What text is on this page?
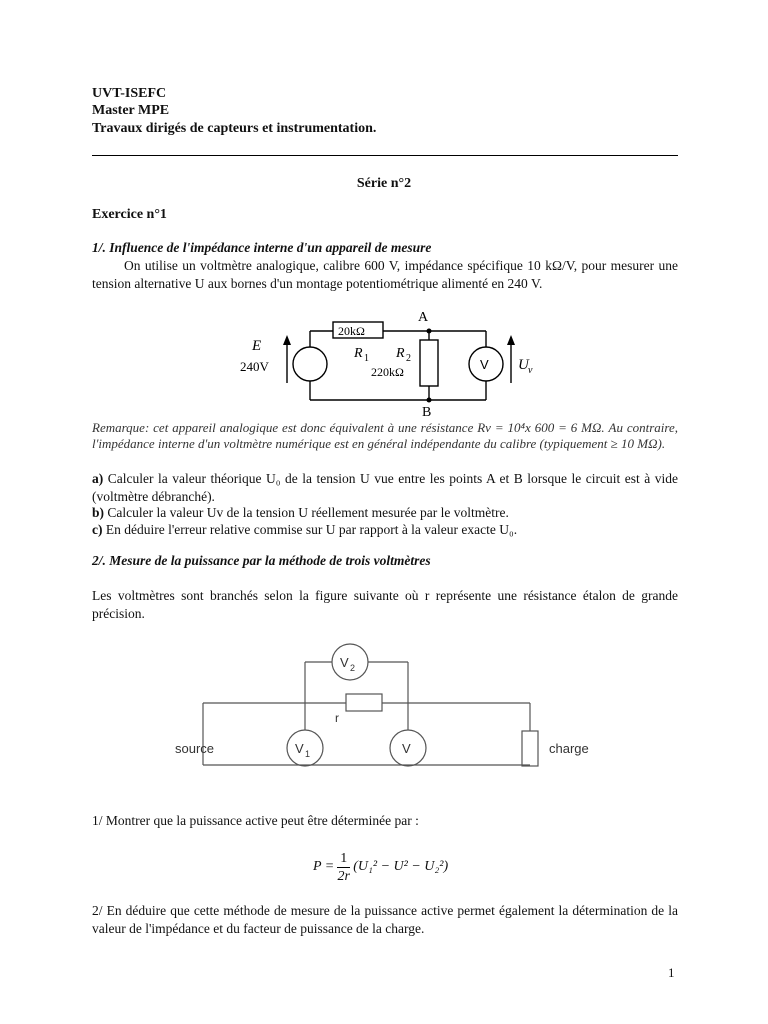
UVT-ISEFC
Master MPE
Travaux dirigés de capteurs et instrumentation.
Série n°2
Exercice n°1
1/. Influence de l'impédance interne d'un appareil de mesure
On utilise un voltmètre analogique, calibre 600 V, impédance spécifique 10 kΩ/V, pour mesurer une tension alternative U aux bornes d'un montage potentiométrique alimenté en 240 V.
20kΩ
A
B
E
240V
R 1 R 2
220kΩ	V U v
Remarque: cet appareil analogique est donc équivalent à une résistance Rv = 10⁴x 600 = 6 MΩ. Au contraire, l'impédance interne d'un voltmètre numérique est en général indépendante du calibre (typiquement ≥ 10 MΩ).
a) Calculer la valeur théorique U₀ de la tension U vue entre les points A et B lorsque le circuit est à vide (voltmètre débranché).
b) Calculer la valeur Uv de la tension U réellement mesurée par le voltmètre.
c) En déduire l'erreur relative commise sur U par rapport à la valeur exacte U₀.
2/. Mesure de la puissance par la méthode de trois voltmètres
Les voltmètres sont branchés selon la figure suivante où r représente une résistance étalon de grande précision.
source	charge
r
V 2
V 1	V
1/ Montrer que la puissance active peut être déterminée par :
$P = \frac{1}{2r} (U_1^2 - U^2 - U_2^2)$
2/ En déduire que cette méthode de mesure de la puissance active permet également la détermination de la valeur de l'impédance et du facteur de puissance de la charge.
1
